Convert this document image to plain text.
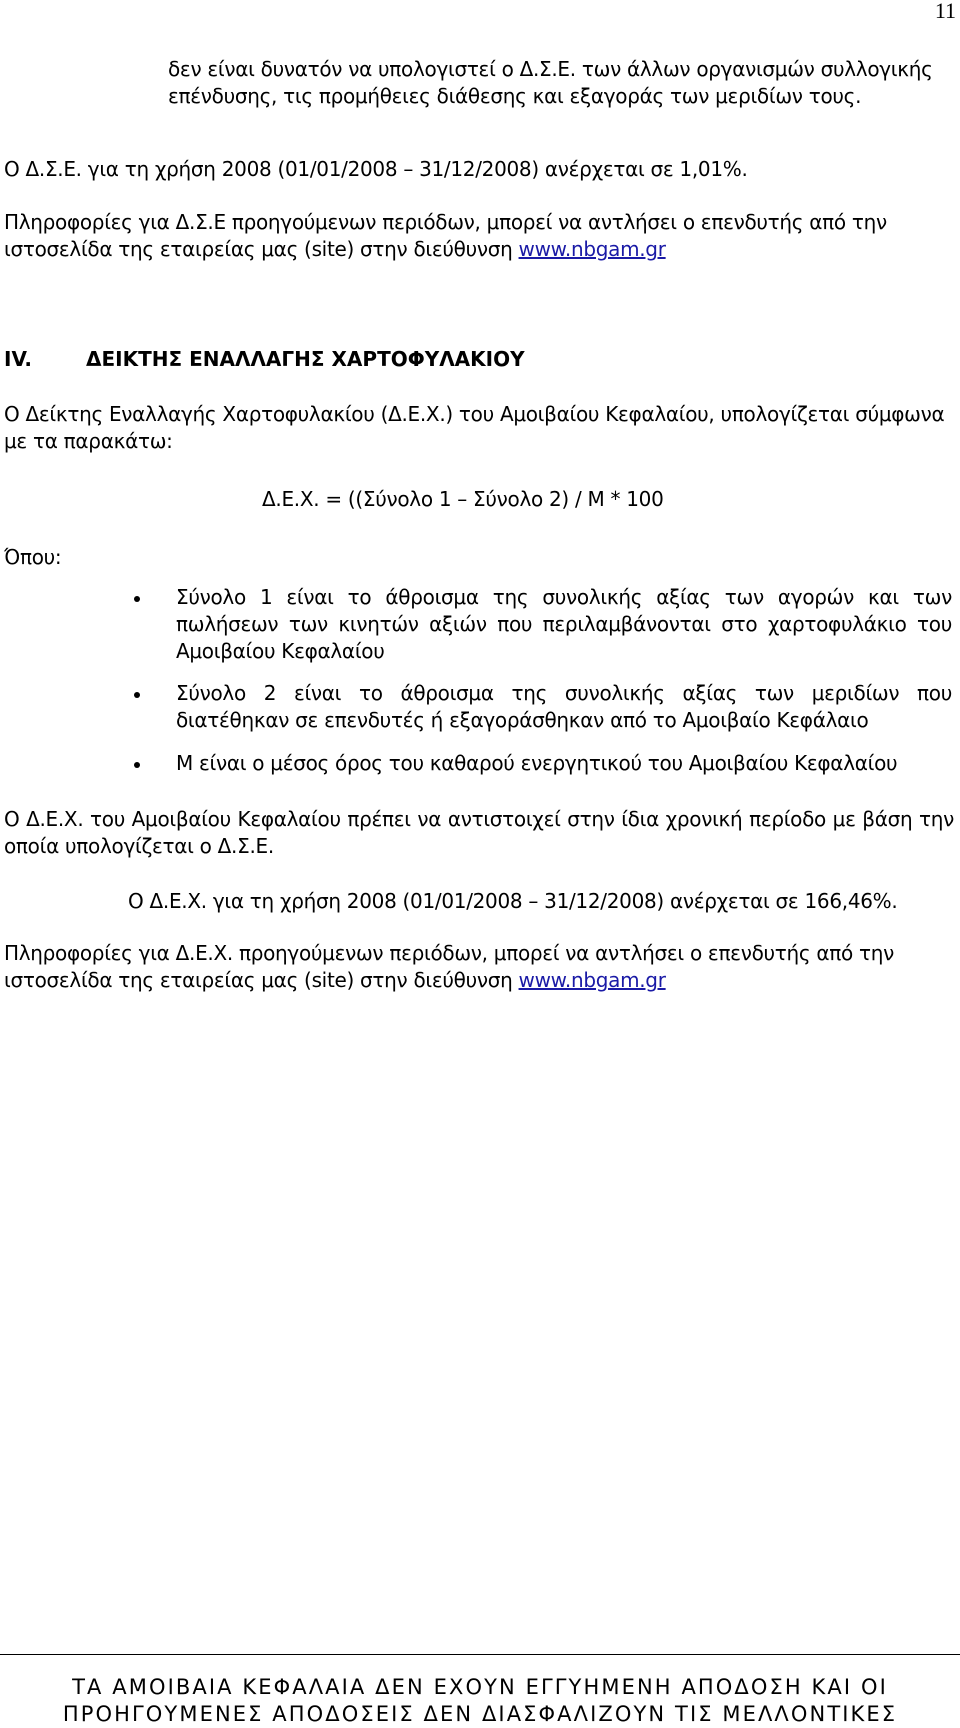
11

δεν είναι δυνατόν να υπολογιστεί ο Δ.Σ.Ε. των άλλων οργανισμών συλλογικής επένδυσης, τις προμήθειες διάθεσης και εξαγοράς των μεριδίων τους.

Ο Δ.Σ.Ε. για τη χρήση 2008 (01/01/2008 – 31/12/2008) ανέρχεται σε 1,01%.

Πληροφορίες για Δ.Σ.Ε προηγούμενων περιόδων, μπορεί να αντλήσει ο επενδυτής από την ιστοσελίδα της εταιρείας μας (site) στην διεύθυνση www.nbgam.gr

IV.	ΔΕΙΚΤΗΣ ΕΝΑΛΛΑΓΗΣ ΧΑΡΤΟΦΥΛΑΚΙΟΥ

Ο Δείκτης Εναλλαγής Χαρτοφυλακίου (Δ.Ε.Χ.) του Αμοιβαίου Κεφαλαίου, υπολογίζεται σύμφωνα με τα παρακάτω:

Δ.Ε.Χ. = ((Σύνολο 1 – Σύνολο 2) / Μ * 100

Όπου:

Σύνολο 1 είναι το άθροισμα της συνολικής αξίας των αγορών και των πωλήσεων των κινητών αξιών που περιλαμβάνονται στο χαρτοφυλάκιο του Αμοιβαίου Κεφαλαίου

Σύνολο 2 είναι το άθροισμα της συνολικής αξίας των μεριδίων που διατέθηκαν σε επενδυτές ή εξαγοράσθηκαν από το Αμοιβαίο Κεφάλαιο

Μ είναι ο μέσος όρος του καθαρού ενεργητικού του Αμοιβαίου Κεφαλαίου

Ο Δ.Ε.Χ. του Αμοιβαίου Κεφαλαίου πρέπει να αντιστοιχεί στην ίδια χρονική περίοδο με βάση την οποία υπολογίζεται ο Δ.Σ.Ε.

Ο Δ.Ε.Χ. για τη χρήση 2008 (01/01/2008 – 31/12/2008) ανέρχεται σε 166,46%.

Πληροφορίες για Δ.Ε.Χ. προηγούμενων περιόδων, μπορεί να αντλήσει ο επενδυτής από την ιστοσελίδα της εταιρείας μας (site) στην διεύθυνση www.nbgam.gr

ΤΑ ΑΜΟΙΒΑΙΑ ΚΕΦΑΛΑΙΑ ΔΕΝ ΕΧΟΥΝ ΕΓΓΥΗΜΕΝΗ ΑΠΟΔΟΣΗ ΚΑΙ ΟΙ
ΠΡΟΗΓΟΥΜΕΝΕΣ ΑΠΟΔΟΣΕΙΣ ΔΕΝ ΔΙΑΣΦΑΛΙΖΟΥΝ ΤΙΣ ΜΕΛΛΟΝΤΙΚΕΣ
